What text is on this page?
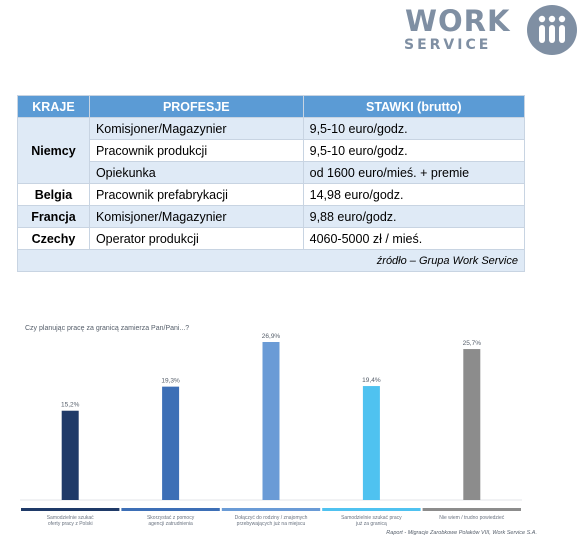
WORK
SERVICE
KRAJE	PROFESJE	STAWKI (brutto)
Niemcy	Komisjoner/Magazynier	9,5-10 euro/godz.
	Pracownik produkcji	9,5-10 euro/godz.
	Opiekunka	od 1600 euro/mieś. + premie
Belgia	Pracownik prefabrykacji	14,98 euro/godz.
Francja	Komisjoner/Magazynier	9,88 euro/godz.
Czechy	Operator produkcji	4060-5000 zł / mieś.
źródło – Grupa Work Service		
Czy planując pracę za granicą zamierza Pan/Pani...?
15,2%
Samodzielnie szukać
oferty pracy z Polski
19,3%
Skorzystać z pomocy
agencji zatrudnienia
26,9%
Dołączyć do rodziny / znajomych
przebywających już na miejscu
19,4%
Samodzielnie szukać pracy
już za granicą
25,7%
Nie wiem / trudno powiedzieć
Raport - Migracje Zarobkowe Polaków VIII, Work Service S.A.
